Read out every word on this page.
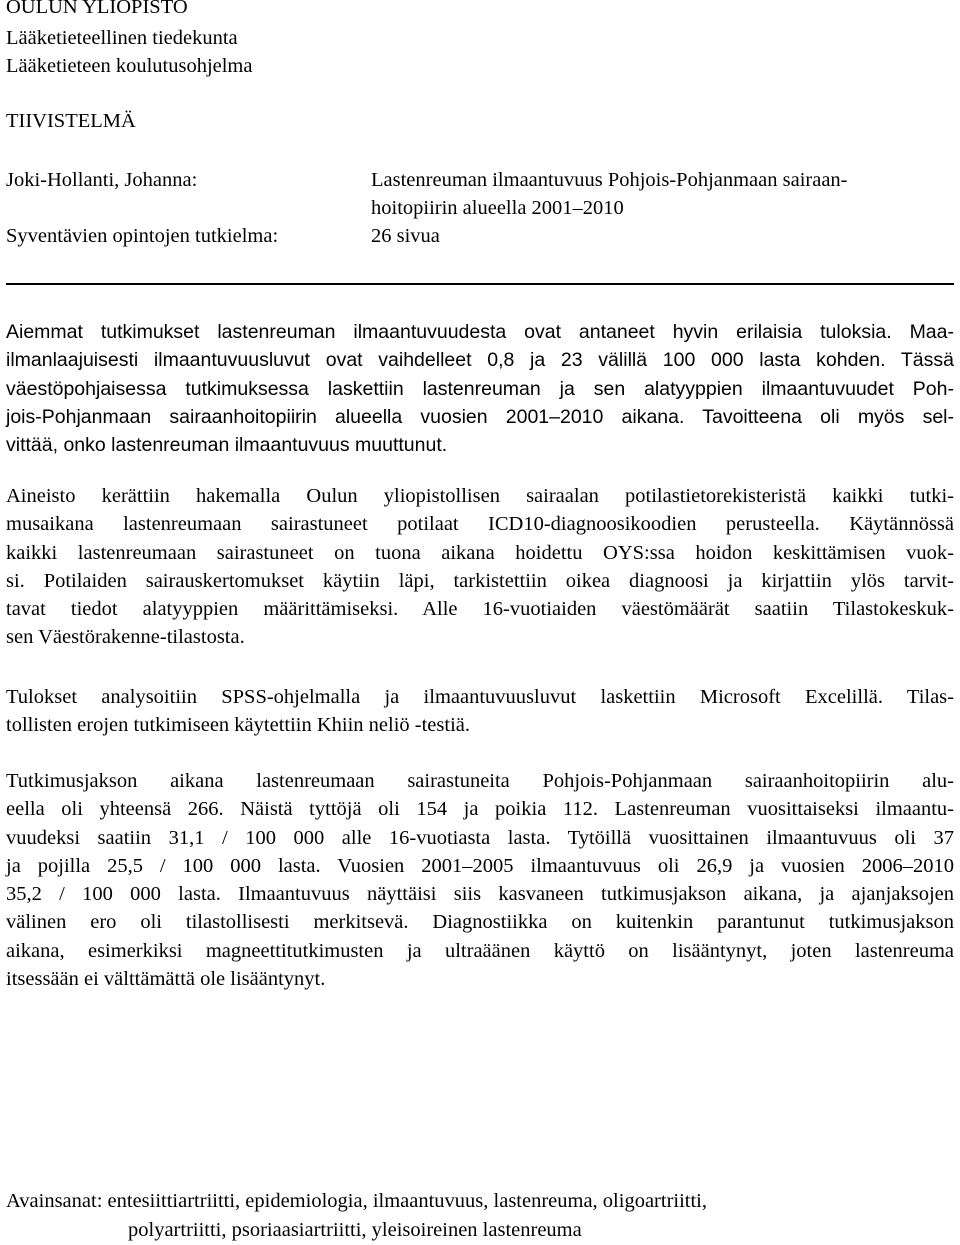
OULUN YLIOPISTO
Lääketieteellinen tiedekunta
Lääketieteen koulutusohjelma
TIIVISTELMÄ
Joki-Hollanti, Johanna:
Syventävien opintojen tutkielma:
Lastenreuman ilmaantuvuus Pohjois-Pohjanmaan sairaan-
hoitopiirin alueella 2001–2010
26 sivua
Aiemmat tutkimukset lastenreuman ilmaantuvuudesta ovat antaneet hyvin erilaisia tuloksia. Maa-
ilmanlaajuisesti ilmaantuvuusluvut ovat vaihdelleet 0,8 ja 23 välillä 100 000 lasta kohden. Tässä
väestöpohjaisessa tutkimuksessa laskettiin lastenreuman ja sen alatyyppien ilmaantuvuudet Poh-
jois-Pohjanmaan sairaanhoitopiirin alueella vuosien 2001–2010 aikana. Tavoitteena oli myös sel-
vittää, onko lastenreuman ilmaantuvuus muuttunut.
Aineisto kerättiin hakemalla Oulun yliopistollisen sairaalan potilastietorekisteristä kaikki tutki-
musaikana lastenreumaan sairastuneet potilaat ICD10-diagnoosikoodien perusteella. Käytännössä
kaikki lastenreumaan sairastuneet on tuona aikana hoidettu OYS:ssa hoidon keskittämisen vuok-
si. Potilaiden sairauskertomukset käytiin läpi, tarkistettiin oikea diagnoosi ja kirjattiin ylös tarvit-
tavat tiedot alatyyppien määrittämiseksi. Alle 16-vuotiaiden väestömäärät saatiin Tilastokeskuk-
sen Väestörakenne-tilastosta.
Tulokset analysoitiin SPSS-ohjelmalla ja ilmaantuvuusluvut laskettiin Microsoft Excelillä. Tilas-
tollisten erojen tutkimiseen käytettiin Khiin neliö -testiä.
Tutkimusjakson aikana lastenreumaan sairastuneita Pohjois-Pohjanmaan sairaanhoitopiirin alu-
eella oli yhteensä 266. Näistä tyttöjä oli 154 ja poikia 112. Lastenreuman vuosittaiseksi ilmaantu-
vuudeksi saatiin 31,1 / 100 000 alle 16-vuotiasta lasta. Tytöillä vuosittainen ilmaantuvuus oli 37
ja pojilla 25,5 / 100 000 lasta. Vuosien 2001–2005 ilmaantuvuus oli 26,9 ja vuosien 2006–2010
35,2 / 100 000 lasta. Ilmaantuvuus näyttäisi siis kasvaneen tutkimusjakson aikana, ja ajanjaksojen
välinen ero oli tilastollisesti merkitsevä. Diagnostiikka on kuitenkin parantunut tutkimusjakson
aikana, esimerkiksi magneettitutkimusten ja ultraäänen käyttö on lisääntynyt, joten lastenreuma
itsessään ei välttämättä ole lisääntynyt.
Avainsanat: entesiittiartriitti, epidemiologia, ilmaantuvuus, lastenreuma, oligoartriitti,
polyartriitti, psoriaasiartriitti, yleisoireinen lastenreuma
